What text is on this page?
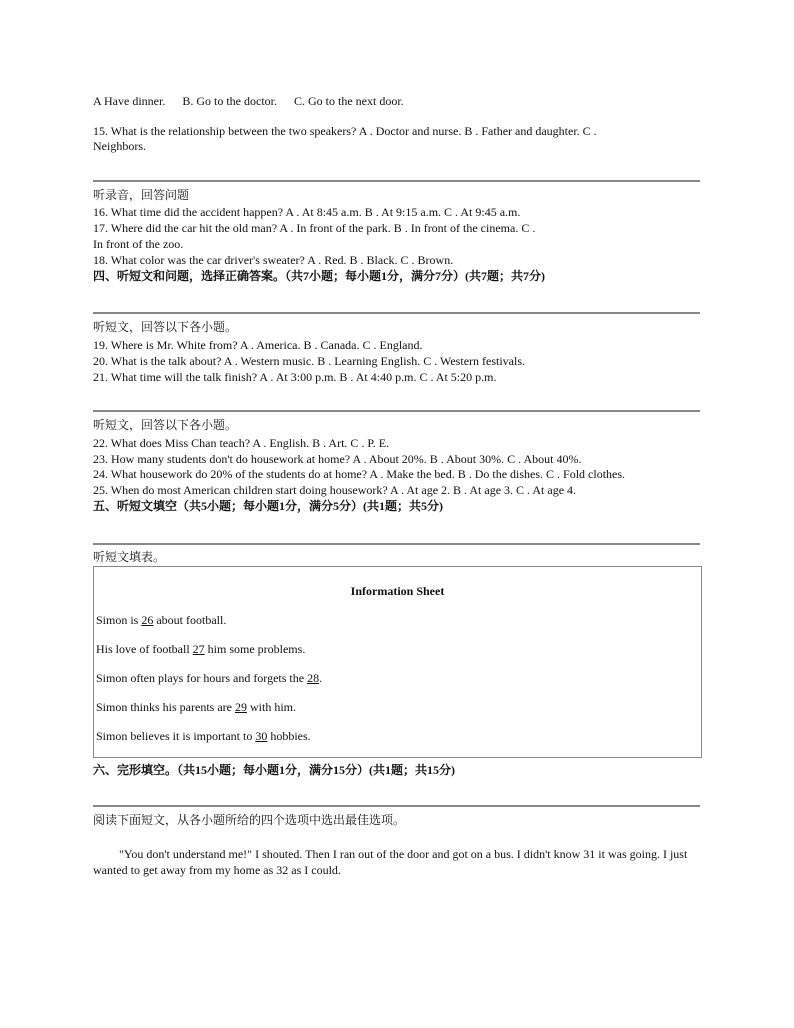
A Have dinner. B. Go to the doctor. C. Go to the next door.
15. What is the relationship between the two speakers? A . Doctor and nurse. B . Father and daughter. C .
Neighbors.
听录音，回答问题
16. What time did the accident happen? A . At 8:45 a.m. B . At 9:15 a.m. C . At 9:45 a.m.
17. Where did the car hit the old man? A . In front of the park. B . In front of the cinema. C .
In front of the zoo.
18. What color was the car driver's sweater? A . Red. B . Black. C . Brown.
四、听短文和问题，选择正确答案。（共7小题；每小题1分，满分7分）(共7题；共7分)
听短文，回答以下各小题。
19. Where is Mr. White from? A . America. B . Canada. C . England.
20. What is the talk about? A . Western music. B . Learning English. C . Western festivals.
21. What time will the talk finish? A . At 3:00 p.m. B . At 4:40 p.m. C . At 5:20 p.m.
听短文，回答以下各小题。
22. What does Miss Chan teach? A . English. B . Art. C . P. E.
23. How many students don't do housework at home? A . About 20%. B . About 30%. C . About 40%.
24. What housework do 20% of the students do at home? A . Make the bed. B . Do the dishes. C . Fold clothes.
25. When do most American children start doing housework? A . At age 2. B . At age 3. C . At age 4.
五、听短文填空（共5小题；每小题1分，满分5分）(共1题；共5分)
听短文填表。
Information Sheet
Simon is 26 about football.
His love of football 27 him some problems.
Simon often plays for hours and forgets the 28.
Simon thinks his parents are 29 with him.
Simon believes it is important to 30 hobbies.
六、完形填空。（共15小题；每小题1分，满分15分）(共1题；共15分)
阅读下面短文，从各小题所给的四个选项中选出最佳选项。
"You don't understand me!" I shouted. Then I ran out of the door and got on a bus. I didn't know 31 it was going. I just wanted to get away from my home as 32 as I could.
